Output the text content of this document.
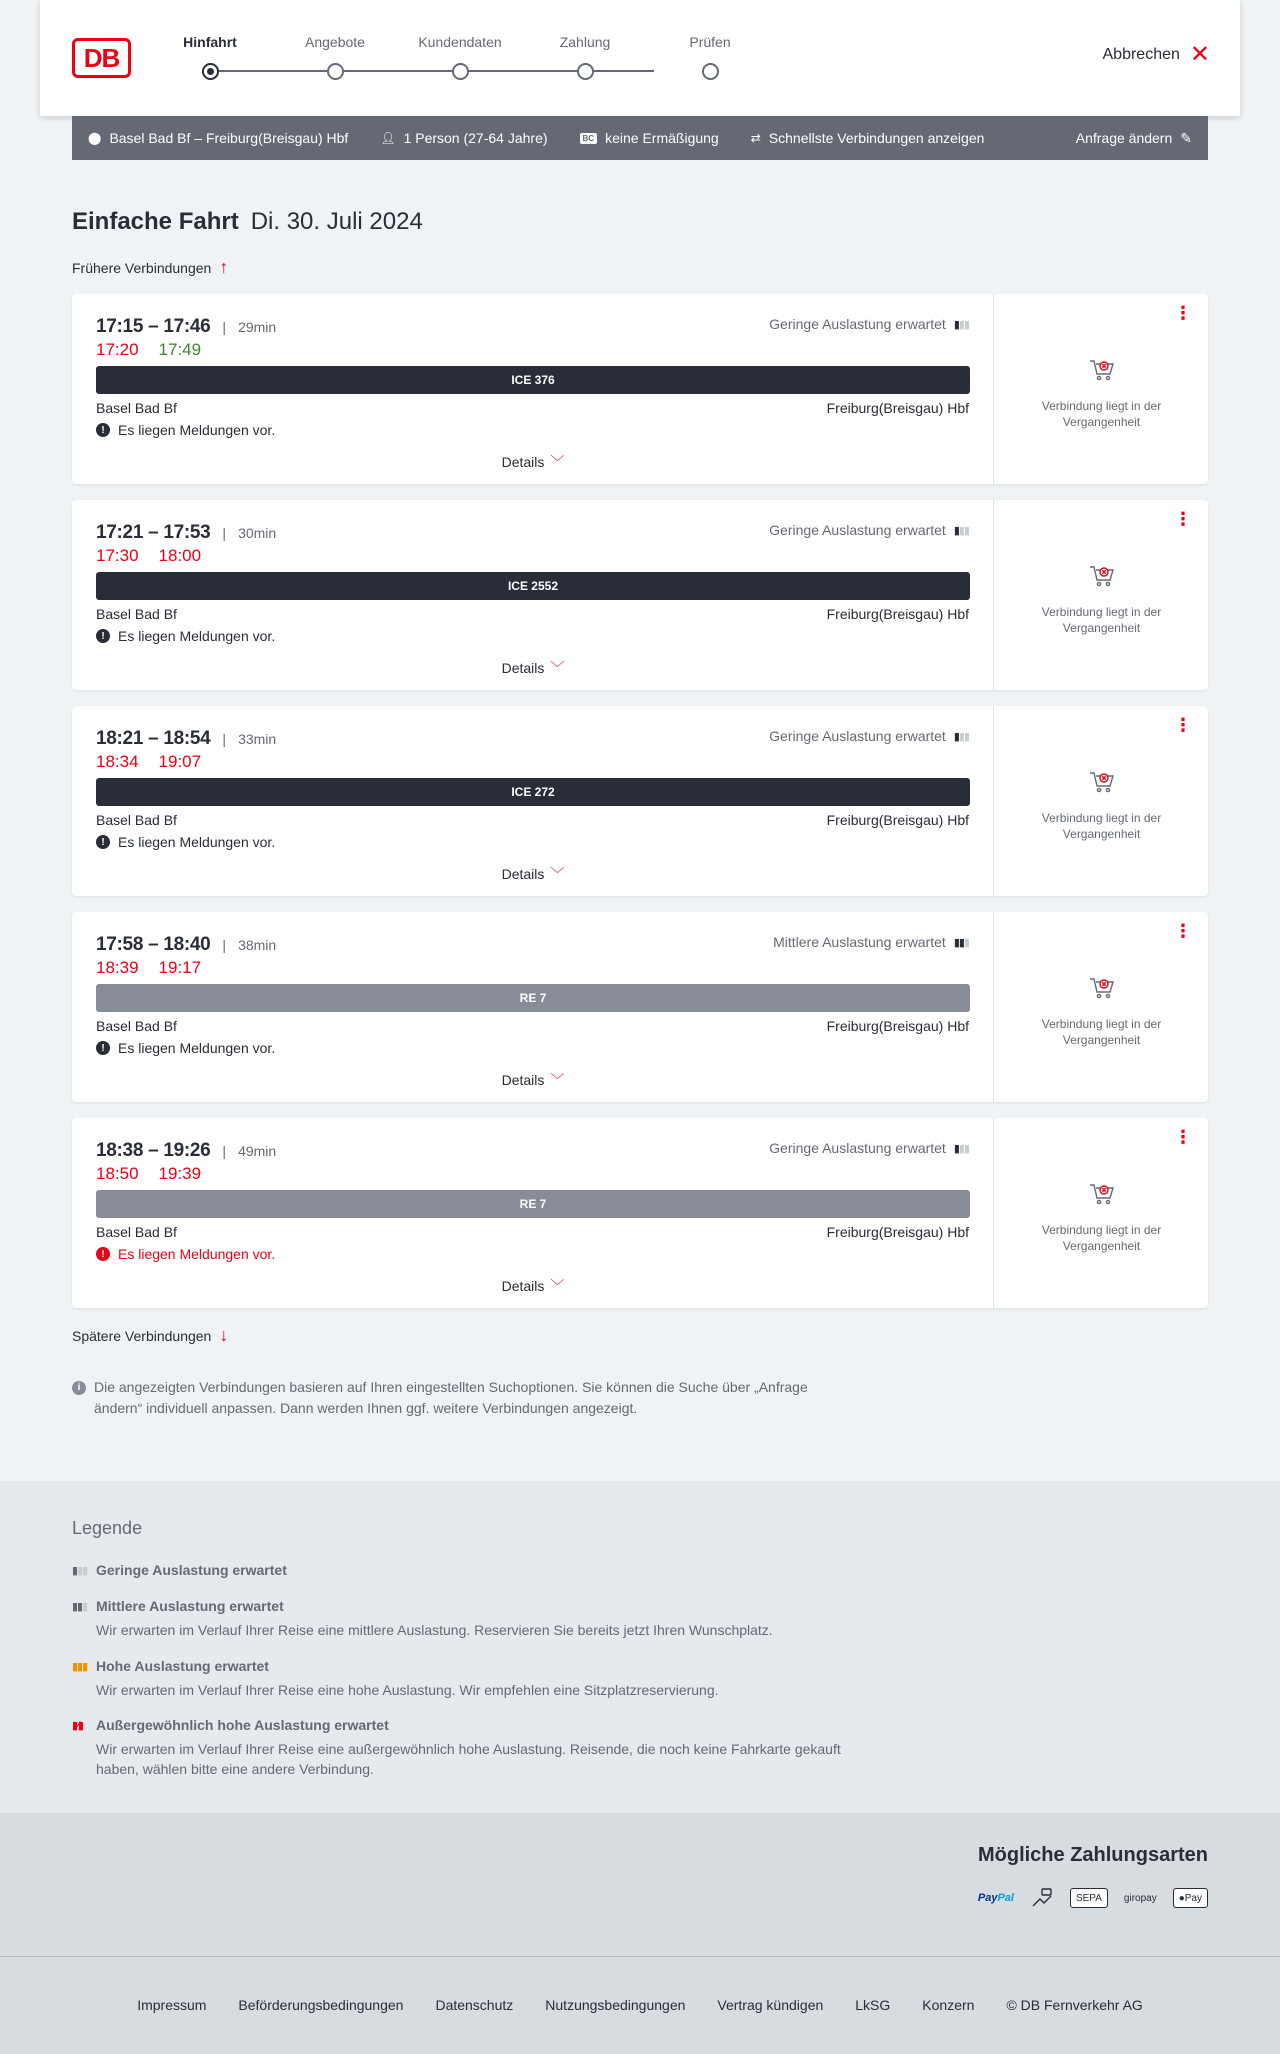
DB
Hinfahrt	Angebote	Kundendaten	Zahlung	Prüfen
Abbrechen ✕
⬤ Basel Bad Bf – Freiburg(Breisgau) Hbf	👤︎ 1 Person (27-64 Jahre)	BC keine Ermäßigung	⇄ Schnellste Verbindungen anzeigen	Anfrage ändern ✎
Einfache Fahrt Di. 30. Juli 2024
Frühere Verbindungen ↑
17:15 – 17:46 | 29min
17:20 17:49
Geringe Auslastung erwartet ▮▮▮
ICE 376
Basel Bad Bf	Freiburg(Breisgau) Hbf
! Es liegen Meldungen vor.
Details ﹀
⋮
Verbindung liegt in der Vergangenheit
17:21 – 17:53 | 30min
17:30 18:00
Geringe Auslastung erwartet ▮▮▮
ICE 2552
Basel Bad Bf	Freiburg(Breisgau) Hbf
! Es liegen Meldungen vor.
Details ﹀
⋮
Verbindung liegt in der Vergangenheit
18:21 – 18:54 | 33min
18:34 19:07
Geringe Auslastung erwartet ▮▮▮
ICE 272
Basel Bad Bf	Freiburg(Breisgau) Hbf
! Es liegen Meldungen vor.
Details ﹀
⋮
Verbindung liegt in der Vergangenheit
17:58 – 18:40 | 38min
18:39 19:17
Mittlere Auslastung erwartet ▮▮▮
RE 7
Basel Bad Bf	Freiburg(Breisgau) Hbf
! Es liegen Meldungen vor.
Details ﹀
⋮
Verbindung liegt in der Vergangenheit
18:38 – 19:26 | 49min
18:50 19:39
Geringe Auslastung erwartet ▮▮▮
RE 7
Basel Bad Bf	Freiburg(Breisgau) Hbf
! Es liegen Meldungen vor.
Details ﹀
⋮
Verbindung liegt in der Vergangenheit
Spätere Verbindungen ↓
i Die angezeigten Verbindungen basieren auf Ihren eingestellten Suchoptionen. Sie können die Suche über „Anfrage ändern“ individuell anpassen. Dann werden Ihnen ggf. weitere Verbindungen angezeigt.
Legende
▮▮▮ Geringe Auslastung erwartet
▮▮▮ Mittlere Auslastung erwartet
Wir erwarten im Verlauf Ihrer Reise eine mittlere Auslastung. Reservieren Sie bereits jetzt Ihren Wunschplatz.
▮▮▮ Hohe Auslastung erwartet
Wir erwarten im Verlauf Ihrer Reise eine hohe Auslastung. Wir empfehlen eine Sitzplatzreservierung.
▮⁄▮ Außergewöhnlich hohe Auslastung erwartet
Wir erwarten im Verlauf Ihrer Reise eine außergewöhnlich hohe Auslastung. Reisende, die noch keine Fahrkarte gekauft haben, wählen bitte eine andere Verbindung.
Mögliche Zahlungsarten
Pay Pal	SEPA	giropay ● Pay
Impressum Beförderungsbedingungen Datenschutz Nutzungsbedingungen Vertrag kündigen LkSG Konzern © DB Fernverkehr AG
